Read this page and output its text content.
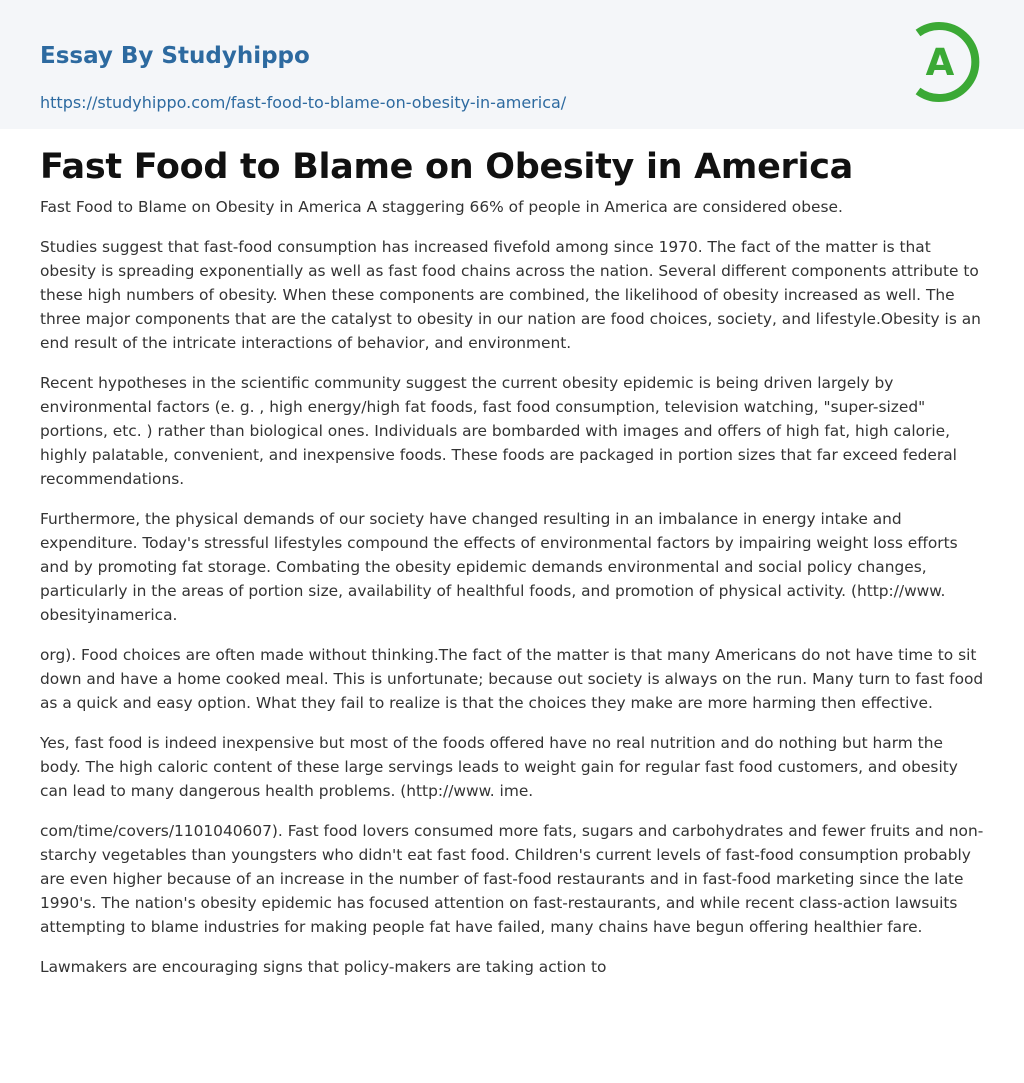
Essay By Studyhippo
https://studyhippo.com/fast-food-to-blame-on-obesity-in-america/
A
Fast Food to Blame on Obesity in America

Fast Food to Blame on Obesity in America A staggering 66% of people in America are considered obese.

Studies suggest that fast-food consumption has increased fivefold among since 1970. The fact of the matter is that obesity is spreading exponentially as well as fast food chains across the nation. Several different components attribute to these high numbers of obesity. When these components are combined, the likelihood of obesity increased as well. The three major components that are the catalyst to obesity in our nation are food choices, society, and lifestyle.Obesity is an end result of the intricate interactions of behavior, and environment.

Recent hypotheses in the scientific community suggest the current obesity epidemic is being driven largely by environmental factors (e. g. , high energy/high fat foods, fast food consumption, television watching, "super-sized" portions, etc. ) rather than biological ones. Individuals are bombarded with images and offers of high fat, high calorie, highly palatable, convenient, and inexpensive foods. These foods are packaged in portion sizes that far exceed federal recommendations.

Furthermore, the physical demands of our society have changed resulting in an imbalance in energy intake and expenditure. Today's stressful lifestyles compound the effects of environmental factors by impairing weight loss efforts and by promoting fat storage. Combating the obesity epidemic demands environmental and social policy changes, particularly in the areas of portion size, availability of healthful foods, and promotion of physical activity. (http://www. obesityinamerica.

org). Food choices are often made without thinking.The fact of the matter is that many Americans do not have time to sit down and have a home cooked meal. This is unfortunate; because out society is always on the run. Many turn to fast food as a quick and easy option. What they fail to realize is that the choices they make are more harming then effective.

Yes, fast food is indeed inexpensive but most of the foods offered have no real nutrition and do nothing but harm the body. The high caloric content of these large servings leads to weight gain for regular fast food customers, and obesity can lead to many dangerous health problems. (http://www. ime.

com/time/covers/1101040607). Fast food lovers consumed more fats, sugars and carbohydrates and fewer fruits and non-starchy vegetables than youngsters who didn't eat fast food. Children's current levels of fast-food consumption probably are even higher because of an increase in the number of fast-food restaurants and in fast-food marketing since the late 1990's. The nation's obesity epidemic has focused attention on fast-restaurants, and while recent class-action lawsuits attempting to blame industries for making people fat have failed, many chains have begun offering healthier fare.

Lawmakers are encouraging signs that policy-makers are taking action to
